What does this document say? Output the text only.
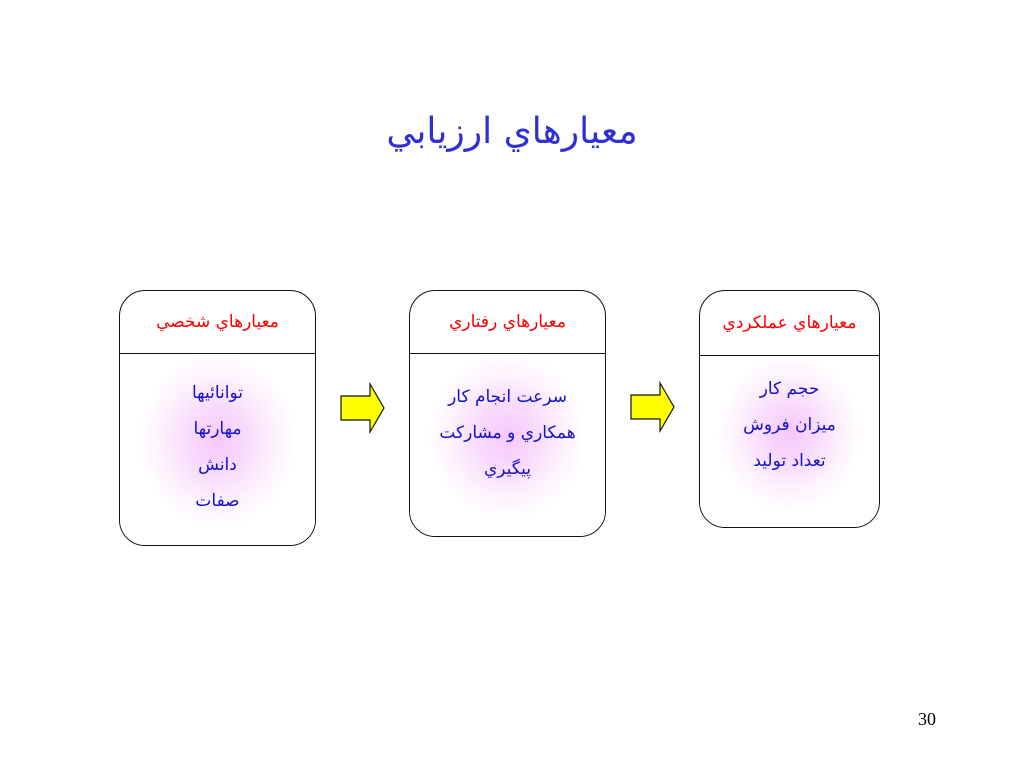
معيارهاي ارزيابي
معيارهاي شخصي
توانائيها
مهارتها
دانش
صفات
معيارهاي رفتاري
سرعت انجام كار
همكاري و مشاركت
پيگيري
معيارهاي عملكردي
حجم كار
ميزان فروش
تعداد توليد
30
